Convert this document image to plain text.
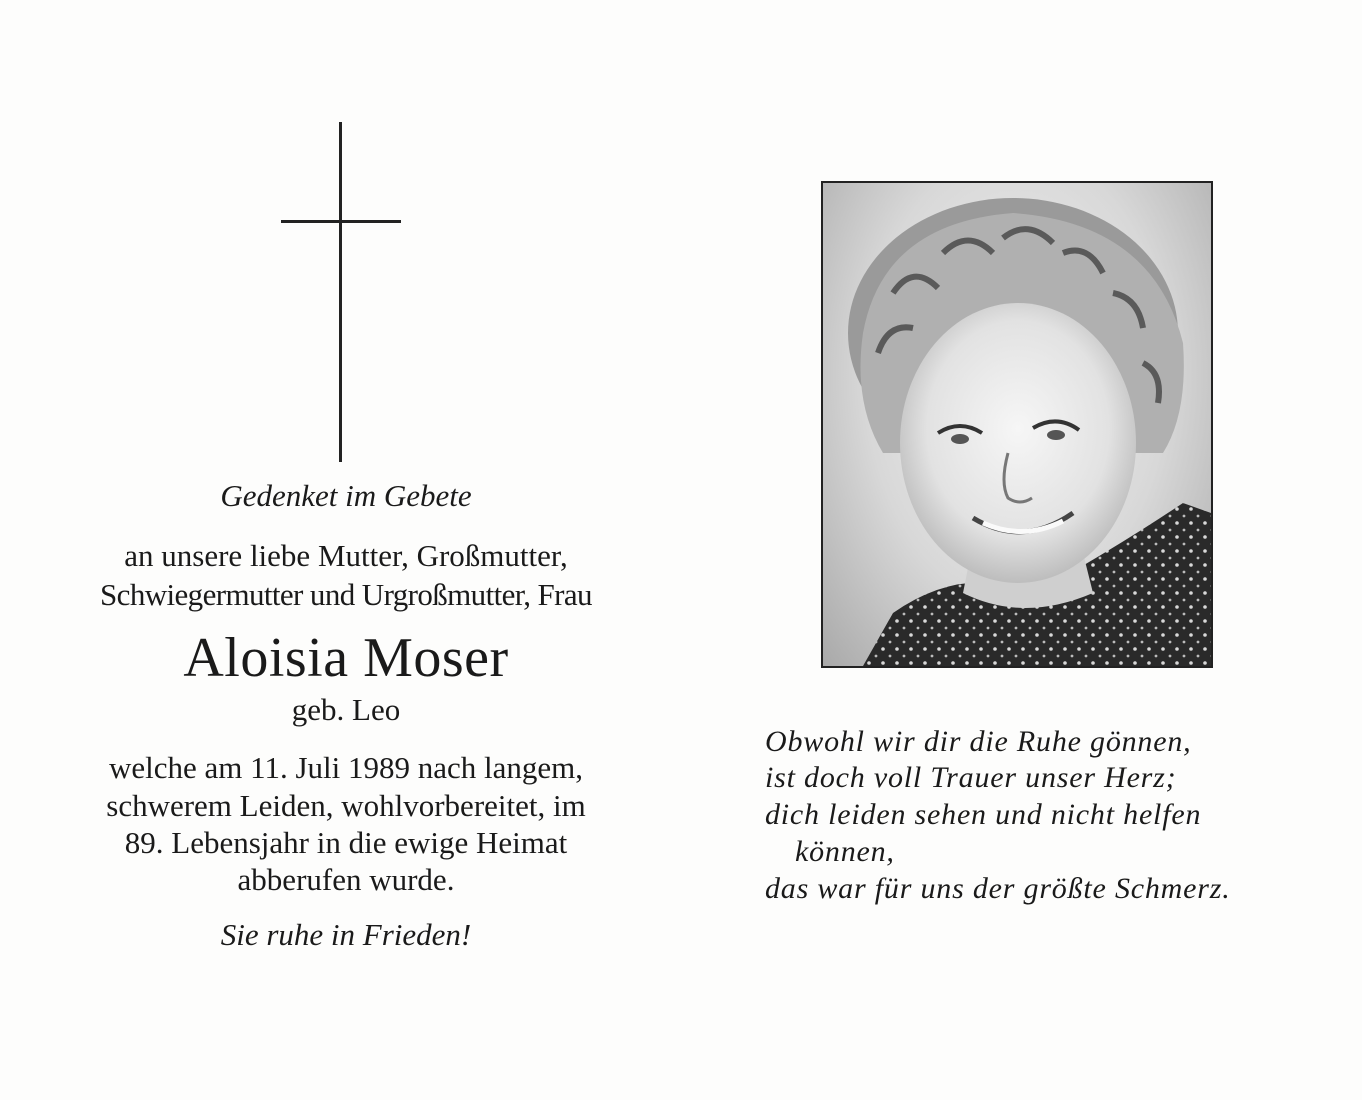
Gedenket im Gebete
an unsere liebe Mutter, Großmutter,
Schwiegermutter und Urgroßmutter, Frau
Aloisia Moser
geb. Leo
welche am 11. Juli 1989 nach langem,
schwerem Leiden, wohlvorbereitet, im
89. Lebensjahr in die ewige Heimat
abberufen wurde.
Sie ruhe in Frieden!
Obwohl wir dir die Ruhe gönnen,
ist doch voll Trauer unser Herz;
dich leiden sehen und nicht helfen
können,
das war für uns der größte Schmerz.
